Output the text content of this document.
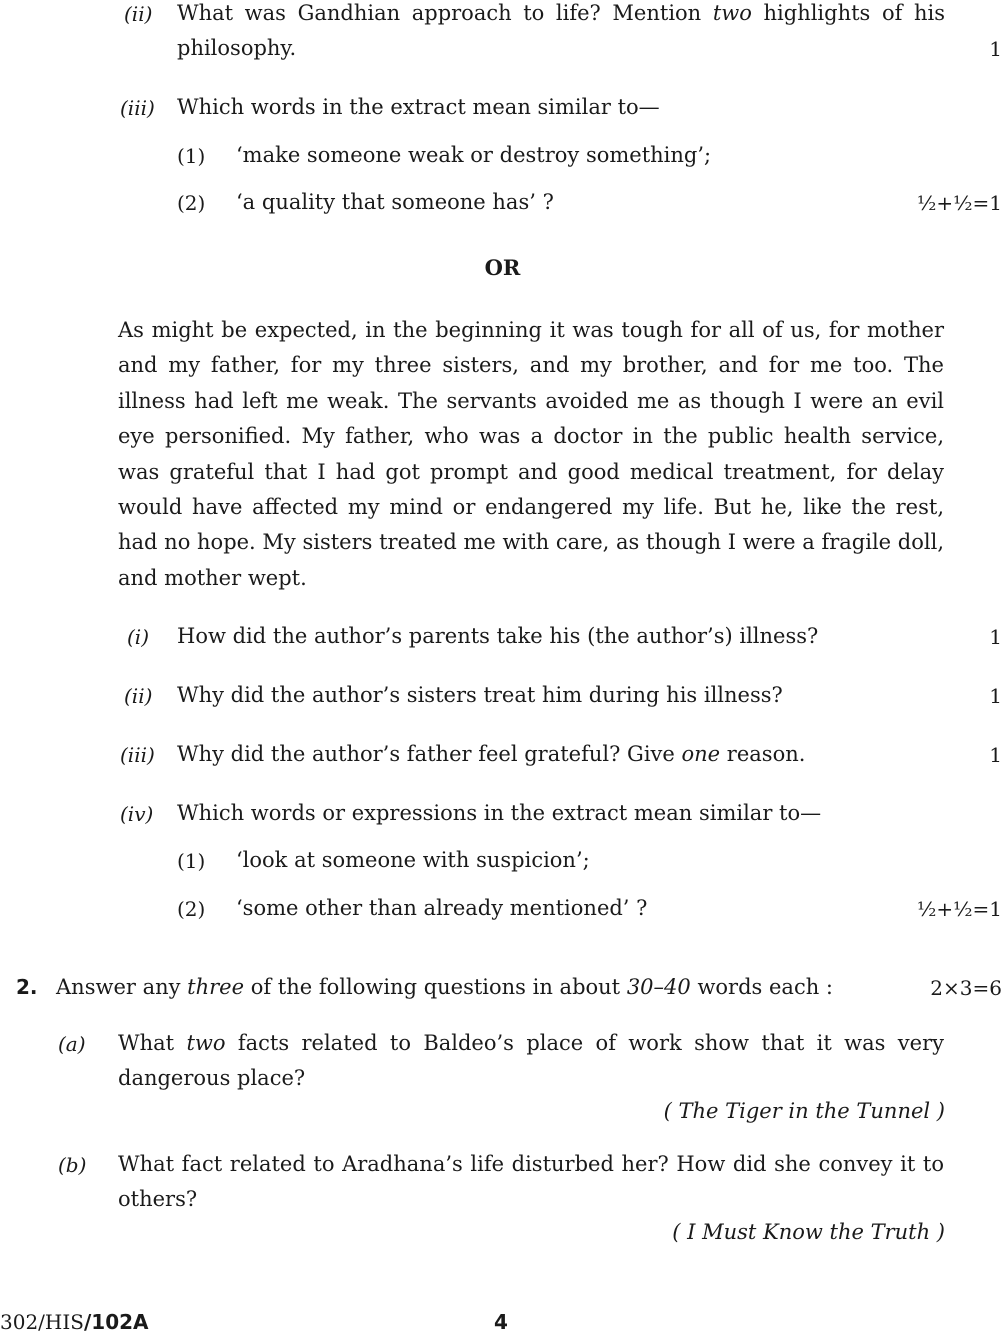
(ii) What was Gandhian approach to life? Mention two highlights of his philosophy.	1
(iii) Which words in the extract mean similar to—
(1) ‘make someone weak or destroy something’;
(2) ‘a quality that someone has’ ?	½+½=1
OR
As might be expected, in the beginning it was tough for all of us, for mother and my father, for my three sisters, and my brother, and for me too. The illness had left me weak. The servants avoided me as though I were an evil eye personified. My father, who was a doctor in the public health service, was grateful that I had got prompt and good medical treatment, for delay would have affected my mind or endangered my life. But he, like the rest, had no hope. My sisters treated me with care, as though I were a fragile doll, and mother wept.
(i) How did the author’s parents take his (the author’s) illness?	1
(ii) Why did the author’s sisters treat him during his illness?	1
(iii) Why did the author’s father feel grateful? Give one reason.	1
(iv) Which words or expressions in the extract mean similar to—
(1) ‘look at someone with suspicion’;
(2) ‘some other than already mentioned’ ?	½+½=1
2. Answer any three of the following questions in about 30–40 words each :	2×3=6
(a) What two facts related to Baldeo’s place of work show that it was very dangerous place?
( The Tiger in the Tunnel )
(b) What fact related to Aradhana’s life disturbed her? How did she convey it to others?
( I Must Know the Truth )
302/HIS/102A	4
